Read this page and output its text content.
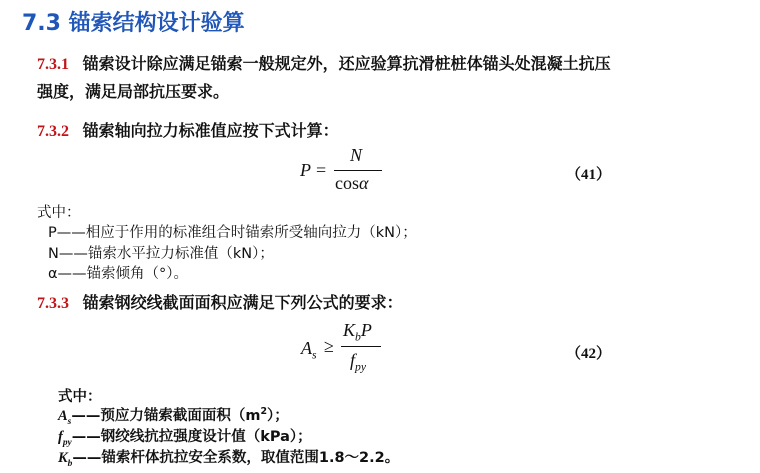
7.3 锚索结构设计验算
7.3.1 锚索设计除应满足锚索一般规定外，还应验算抗滑桩桩体锚头处混凝土抗压
强度，满足局部抗压要求。
7.3.2 锚索轴向拉力标准值应按下式计算：
P =
N
cosα	（41）
式中：
P——相应于作用的标准组合时锚索所受轴向拉力（kN）；
N——锚索水平拉力标准值（kN）；
α——锚索倾角（°）。
7.3.3 锚索钢绞线截面面积应满足下列公式的要求：
$A_s$ ≥
$K_bP$
$f_{py}$
（42）
式中：
$A_s——$预应力锚索截面面积$(m^2)$；
$f_{py}——$钢绞线抗拉强度设计值（kPa）；
$K_b——$锚索杆体抗拉安全系数，取值范围1.8～2.2。
